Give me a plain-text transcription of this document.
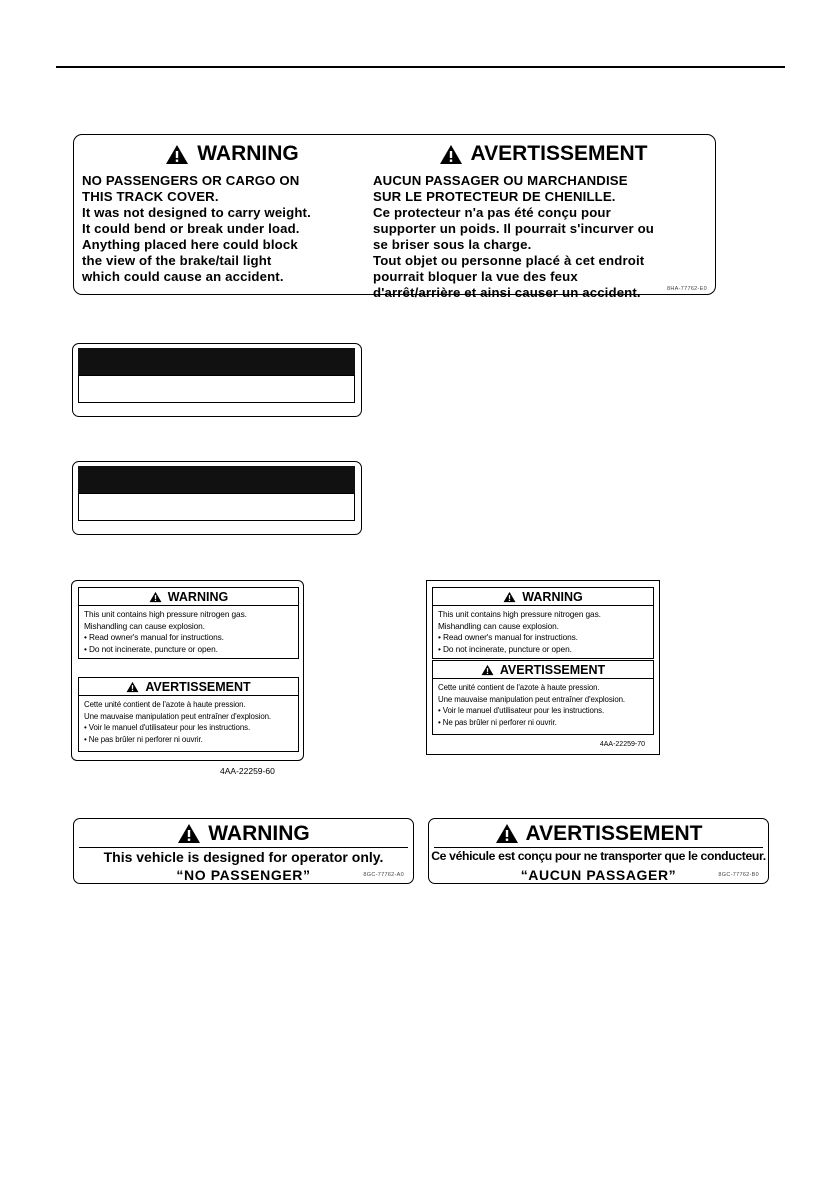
WARNING
NO PASSENGERS OR CARGO ON
THIS TRACK COVER.
It was not designed to carry weight.
It could bend or break under load.
Anything placed here could block
the view of the brake/tail light
which could cause an accident.
AVERTISSEMENT
AUCUN PASSAGER OU MARCHANDISE
SUR LE PROTECTEUR DE CHENILLE.
Ce protecteur n'a pas été conçu pour
supporter un poids. Il pourrait s'incurver ou
se briser sous la charge.
Tout objet ou personne placé à cet endroit
pourrait bloquer la vue des feux
d'arrêt/arrière et ainsi causer un accident.	8HA-77762-E0
WARNING
This unit contains high pressure nitrogen gas.
Mishandling can cause explosion.
• Read owner's manual for instructions.
• Do not incinerate, puncture or open.
AVERTISSEMENT
Cette unité contient de l'azote à haute pression.
Une mauvaise manipulation peut entraîner d'explosion.
• Voir le manuel d'utilisateur pour les instructions.
• Ne pas brûler ni perforer ni ouvrir.
4AA-22259-60
WARNING
This unit contains high pressure nitrogen gas.
Mishandling can cause explosion.
• Read owner's manual for instructions.
• Do not incinerate, puncture or open.
AVERTISSEMENT
Cette unité contient de l'azote à haute pression.
Une mauvaise manipulation peut entraîner d'explosion.
• Voir le manuel d'utilisateur pour les instructions.
• Ne pas brûler ni perforer ni ouvrir.
4AA-22259-70
WARNING
This vehicle is designed for operator only.
“NO PASSENGER”	8GC-77762-A0
AVERTISSEMENT
Ce véhicule est conçu pour ne transporter que le conducteur.
“AUCUN PASSAGER”	8GC-77762-B0
